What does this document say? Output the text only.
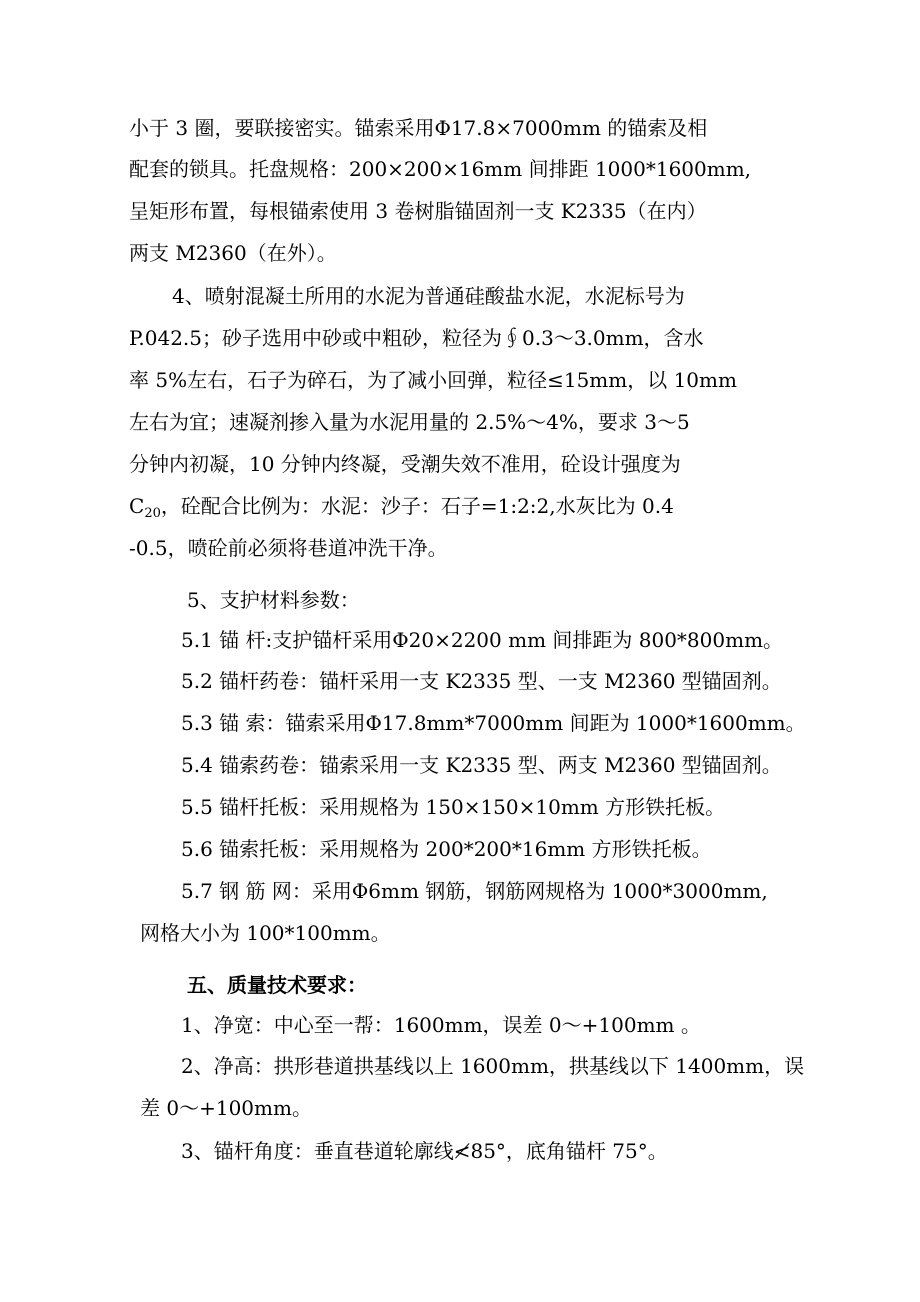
小于 3 圈，要联接密实。锚索采用Φ17.8×7000mm 的锚索及相
配套的锁具。托盘规格：200×200×16mm 间排距 1000*1600mm,
呈矩形布置，每根锚索使用 3 卷树脂锚固剂一支 K2335（在内）
两支 M2360（在外）。
4、喷射混凝土所用的水泥为普通硅酸盐水泥，水泥标号为
P.042.5；砂子选用中砂或中粗砂，粒径为∮0.3～3.0mm，含水
率 5%左右，石子为碎石，为了减小回弹，粒径≤15mm，以 10mm
左右为宜；速凝剂掺入量为水泥用量的 2.5%～4%，要求 3～5
分钟内初凝，10 分钟内终凝，受潮失效不准用，砼设计强度为
$C_{20}$，砼配合比例为：水泥：沙子：石子=1:2:2,水灰比为 0.4
-0.5，喷砼前必须将巷道冲洗干净。
5、支护材料参数：
5.1 锚 杆:支护锚杆采用Φ20×2200 mm 间排距为 800*800mm。
5.2 锚杆药卷：锚杆采用一支 K2335 型、一支 M2360 型锚固剂。
5.3 锚 索：锚索采用Φ17.8mm*7000mm 间距为 1000*1600mm。
5.4 锚索药卷：锚索采用一支 K2335 型、两支 M2360 型锚固剂。
5.5 锚杆托板：采用规格为 150×150×10mm 方形铁托板。
5.6 锚索托板：采用规格为 200*200*16mm 方形铁托板。
5.7 钢 筋 网：采用Φ6mm 钢筋，钢筋网规格为 1000*3000mm,
网格大小为 100*100mm。
五、质量技术要求：
1、净宽：中心至一帮：1600mm，误差 0～+100mm 。
2、净高：拱形巷道拱基线以上 1600mm，拱基线以下 1400mm，误
差 0～+100mm。
3、锚杆角度：垂直巷道轮廓线≮85°，底角锚杆 75°。
